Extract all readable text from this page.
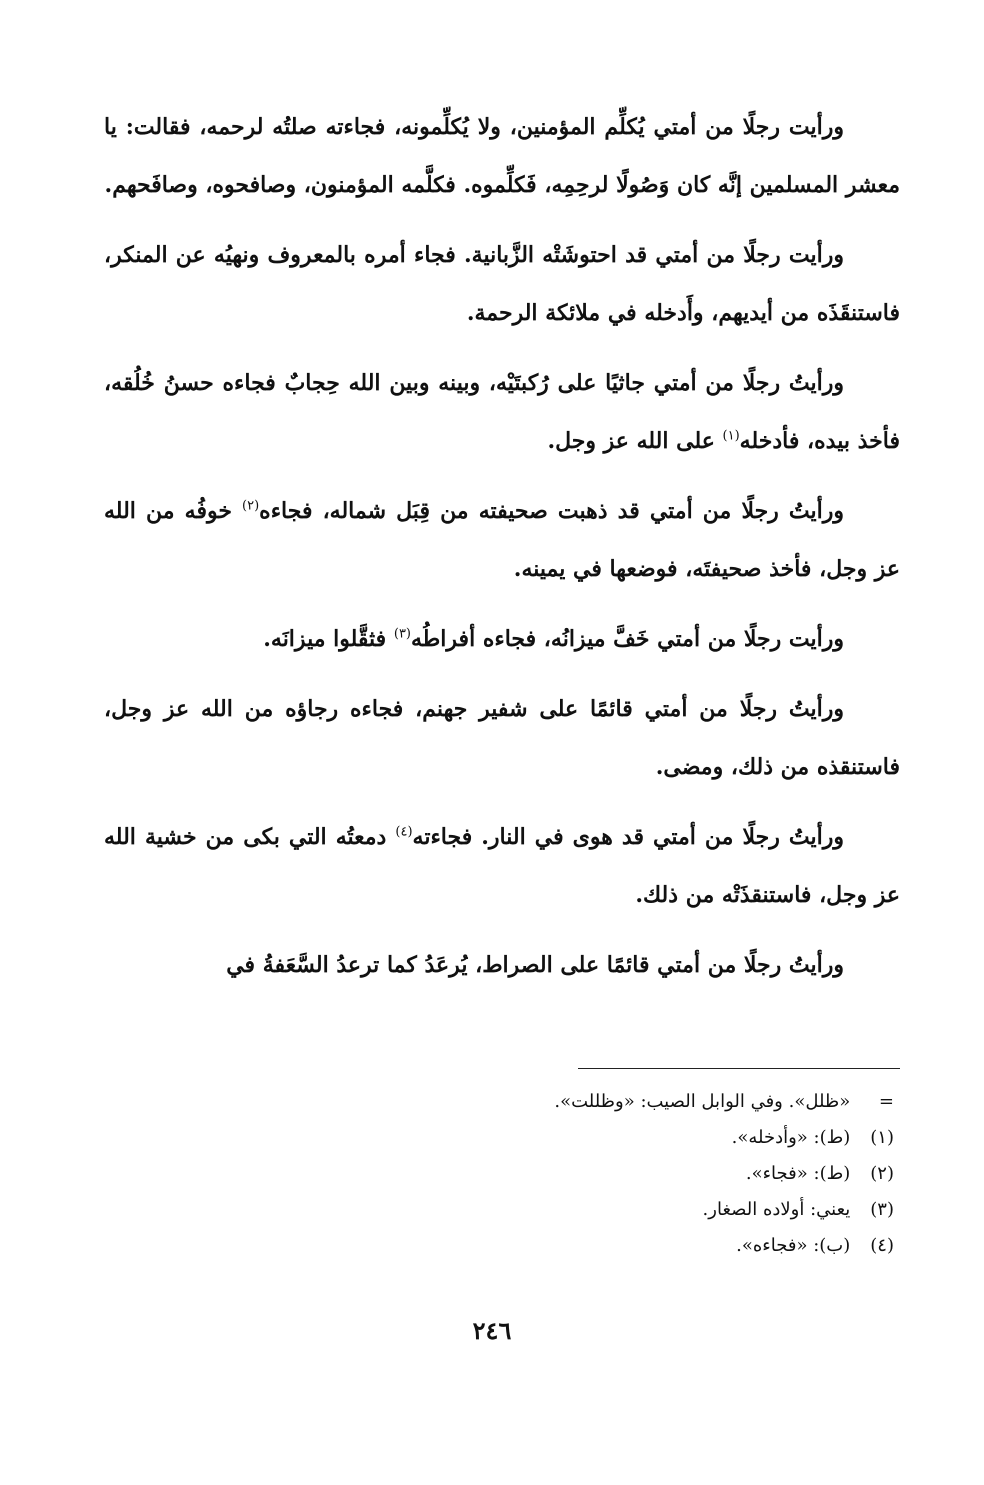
ورأيت رجلًا من أمتي يُكلِّم المؤمنين، ولا يُكلِّمونه، فجاءته صلتُه لرحمه، فقالت: يا معشر المسلمين إنَّه كان وَصُولًا لرحِمِه، فَكلِّموه. فكلَّمه المؤمنون، وصافحوه، وصافَحهم.

ورأيت رجلًا من أمتي قد احتوشَتْه الزَّبانية. فجاء أمره بالمعروف ونهيُه عن المنكر، فاستنقَذَه من أيديهم، وأَدخله في ملائكة الرحمة.

ورأيتُ رجلًا من أمتي جاثيًا على رُكبتَيْه، وبينه وبين الله حِجابٌ فجاءه حسنُ خُلُقه، فأخذ بيده، فأدخله$^{(١)}$ على الله عز وجل.

ورأيتُ رجلًا من أمتي قد ذهبت صحيفته من قِبَل شماله، فجاءه$^{(٢)}$ خوفُه من الله عز وجل، فأخذ صحيفتَه، فوضعها في يمينه.

ورأيت رجلًا من أمتي خَفَّ ميزانُه، فجاءه أفراطُه$^{(٣)}$ فثقَّلوا ميزانَه.

ورأيتُ رجلًا من أمتي قائمًا على شفير جهنم، فجاءه رجاؤه من الله عز وجل، فاستنقذه من ذلك، ومضى.

ورأيتُ رجلًا من أمتي قد هوى في النار. فجاءته$^{(٤)}$ دمعتُه التي بكى من خشية الله عز وجل، فاستنقذَتْه من ذلك.

ورأيتُ رجلًا من أمتي قائمًا على الصراط، يُرعَدُ كما ترعدُ السَّعَفةُ في

= «ظلل». وفي الوابل الصيب: «وظللت».

(١) (ط): «وأدخله».

(٢) (ط): «فجاء».

(٣) يعني: أولاده الصغار.

(٤) (ب): «فجاءه».

٢٤٦
